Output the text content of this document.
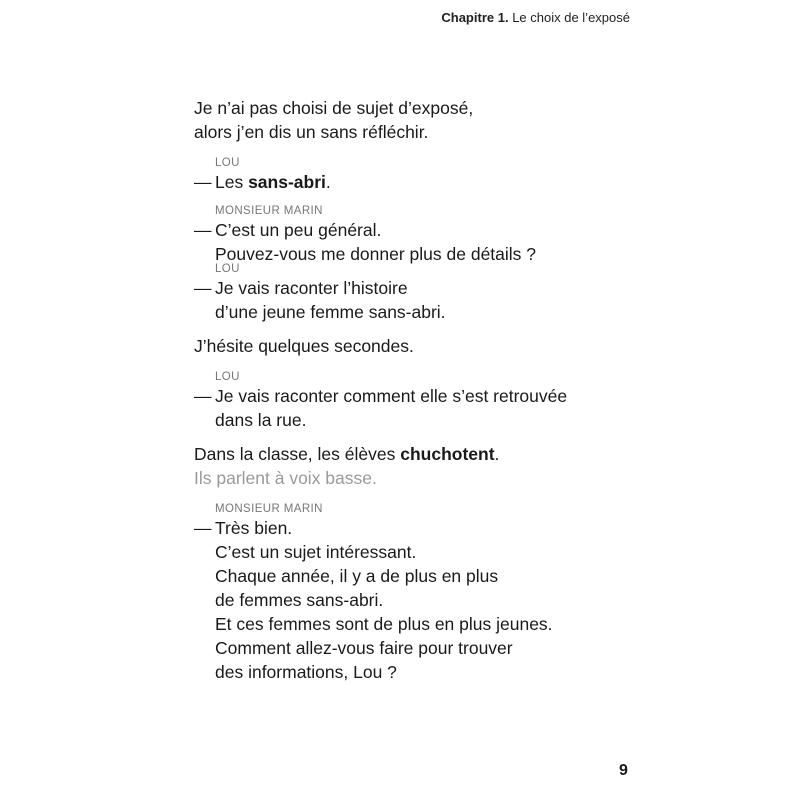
Chapitre 1. Le choix de l’exposé
Je n’ai pas choisi de sujet d’exposé,
alors j’en dis un sans réfléchir.
LOU
— Les sans-abri.
MONSIEUR MARIN
— C’est un peu général.
Pouvez-vous me donner plus de détails ?
LOU
— Je vais raconter l’histoire
d’une jeune femme sans-abri.
J’hésite quelques secondes.
LOU
— Je vais raconter comment elle s’est retrouvée
dans la rue.
Dans la classe, les élèves chuchotent.
Ils parlent à voix basse.
MONSIEUR MARIN
— Très bien.
C’est un sujet intéressant.
Chaque année, il y a de plus en plus
de femmes sans-abri.
Et ces femmes sont de plus en plus jeunes.
Comment allez-vous faire pour trouver
des informations, Lou ?
9
